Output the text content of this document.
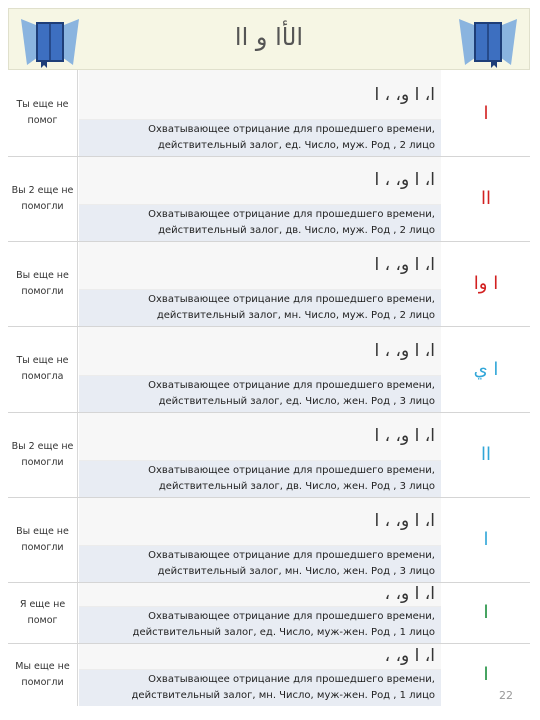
الأا و اا
Ты еще не
помог
ا، ا و، ، ا
Охватывающее отрицание для прошедшего времени,
действительный залог, ед. Число, муж. Род , 2 лицо
ا
Вы 2 еще не
помогли
ا، ا و، ، ا
Охватывающее отрицание для прошедшего времени,
действительный залог, дв. Число, муж. Род , 2 лицо
اا
Вы еще не
помогли
ا، ا و، ، ا
Охватывающее отрицание для прошедшего времени,
действительный залог, мн. Число, муж. Род , 2 лицо
ا وا
Ты еще не
помогла
ا، ا و، ، ا
Охватывающее отрицание для прошедшего времени,
действительный залог, ед. Число, жен. Род , 3 лицо
ا ي
Вы 2 еще не
помогли
ا، ا و، ، ا
Охватывающее отрицание для прошедшего времени,
действительный залог, дв. Число, жен. Род , 3 лицо
اا
Вы еще не
помогли
ا، ا و، ، ا
Охватывающее отрицание для прошедшего времени,
действительный залог, мн. Число, жен. Род , 3 лицо
ا
Я еще не
помог
ا، ا و، ،
Охватывающее отрицание для прошедшего времени,
действительный залог, ед. Число, муж-жен. Род , 1 лицо
ا
Мы еще не
помогли
ا، ا و، ،
Охватывающее отрицание для прошедшего времени,
действительный залог, мн. Число, муж-жен. Род , 1 лицо
ا
22
